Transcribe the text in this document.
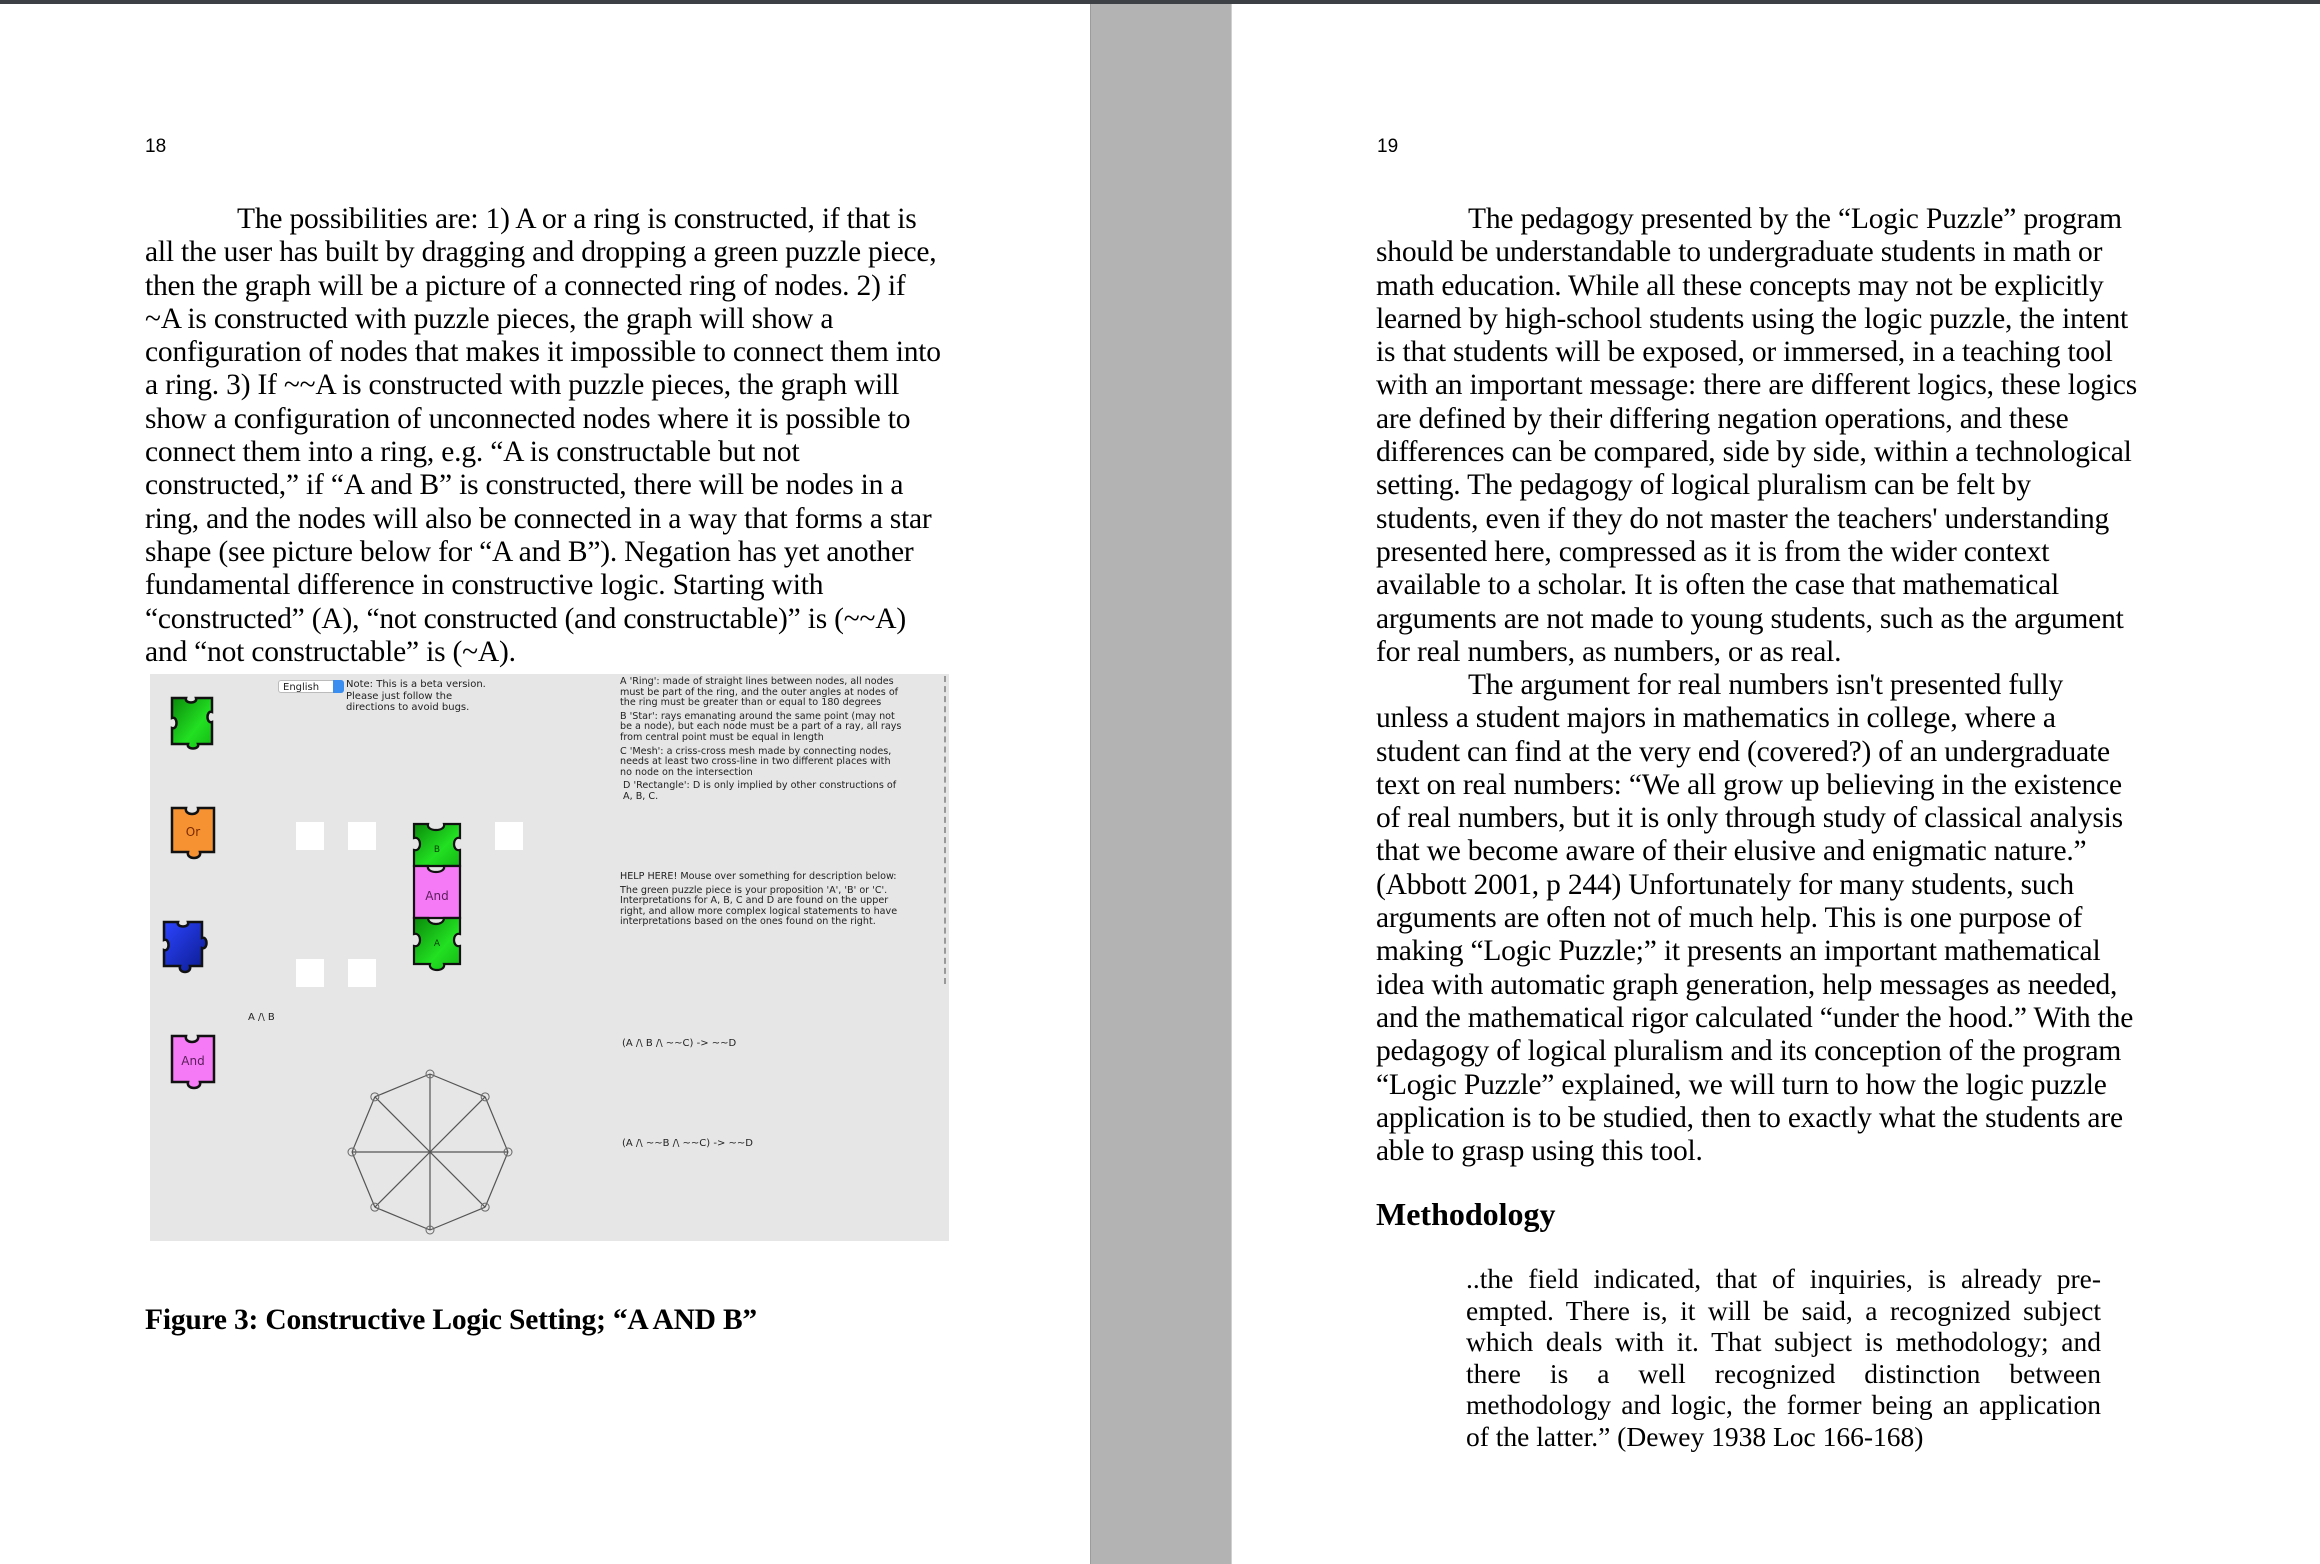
18
The possibilities are: 1) A or a ring is constructed, if that is
all the user has built by dragging and dropping a green puzzle piece,
then the graph will be a picture of a connected ring of nodes. 2) if
~A is constructed with puzzle pieces, the graph will show a
configuration of nodes that makes it impossible to connect them into
a ring. 3) If ~~A is constructed with puzzle pieces, the graph will
show a configuration of unconnected nodes where it is possible to
connect them into a ring, e.g. “A is constructable but not
constructed,” if “A and B” is constructed, there will be nodes in a
ring, and the nodes will also be connected in a way that forms a star
shape (see picture below for “A and B”). Negation has yet another
fundamental difference in constructive logic. Starting with
“constructed” (A), “not constructed (and constructable)” is (~~A)
and “not constructable” is (~A).
Or
And
A /\ B
English	Note: This is a beta version.
Please just follow the
directions to avoid bugs.
B
And
A
A 'Ring': made of straight lines between nodes, all nodes
must be part of the ring, and the outer angles at nodes of
the ring must be greater than or equal to 180 degrees
B 'Star': rays emanating around the same point (may not
be a node), but each node must be a part of a ray, all rays
from central point must be equal in length
C 'Mesh': a criss-cross mesh made by connecting nodes,
needs at least two cross-line in two different places with
no node on the intersection
D 'Rectangle': D is only implied by other constructions of
A, B, C.
HELP HERE! Mouse over something for description below:
The green puzzle piece is your proposition 'A', 'B' or 'C'.
Interpretations for A, B, C and D are found on the upper
right, and allow more complex logical statements to have
interpretations based on the ones found on the right.
(A /\ B /\ ~~C) -> ~~D
(A /\ ~~B /\ ~~C) -> ~~D
Figure 3: Constructive Logic Setting; “A AND B”
19
The pedagogy presented by the “Logic Puzzle” program
should be understandable to undergraduate students in math or
math education. While all these concepts may not be explicitly
learned by high-school students using the logic puzzle, the intent
is that students will be exposed, or immersed, in a teaching tool
with an important message: there are different logics, these logics
are defined by their differing negation operations, and these
differences can be compared, side by side, within a technological
setting. The pedagogy of logical pluralism can be felt by
students, even if they do not master the teachers' understanding
presented here, compressed as it is from the wider context
available to a scholar. It is often the case that mathematical
arguments are not made to young students, such as the argument
for real numbers, as numbers, or as real.
The argument for real numbers isn't presented fully
unless a student majors in mathematics in college, where a
student can find at the very end (covered?) of an undergraduate
text on real numbers: “We all grow up believing in the existence
of real numbers, but it is only through study of classical analysis
that we become aware of their elusive and enigmatic nature.”
(Abbott 2001, p 244) Unfortunately for many students, such
arguments are often not of much help. This is one purpose of
making “Logic Puzzle;” it presents an important mathematical
idea with automatic graph generation, help messages as needed,
and the mathematical rigor calculated “under the hood.” With the
pedagogy of logical pluralism and its conception of the program
“Logic Puzzle” explained, we will turn to how the logic puzzle
application is to be studied, then to exactly what the students are
able to grasp using this tool.
Methodology
..the field indicated, that of inquiries, is already pre-
empted. There is, it will be said, a recognized subject
which deals with it. That subject is methodology; and
there is a well recognized distinction between
methodology and logic, the former being an application
of the latter.” (Dewey 1938 Loc 166-168)
